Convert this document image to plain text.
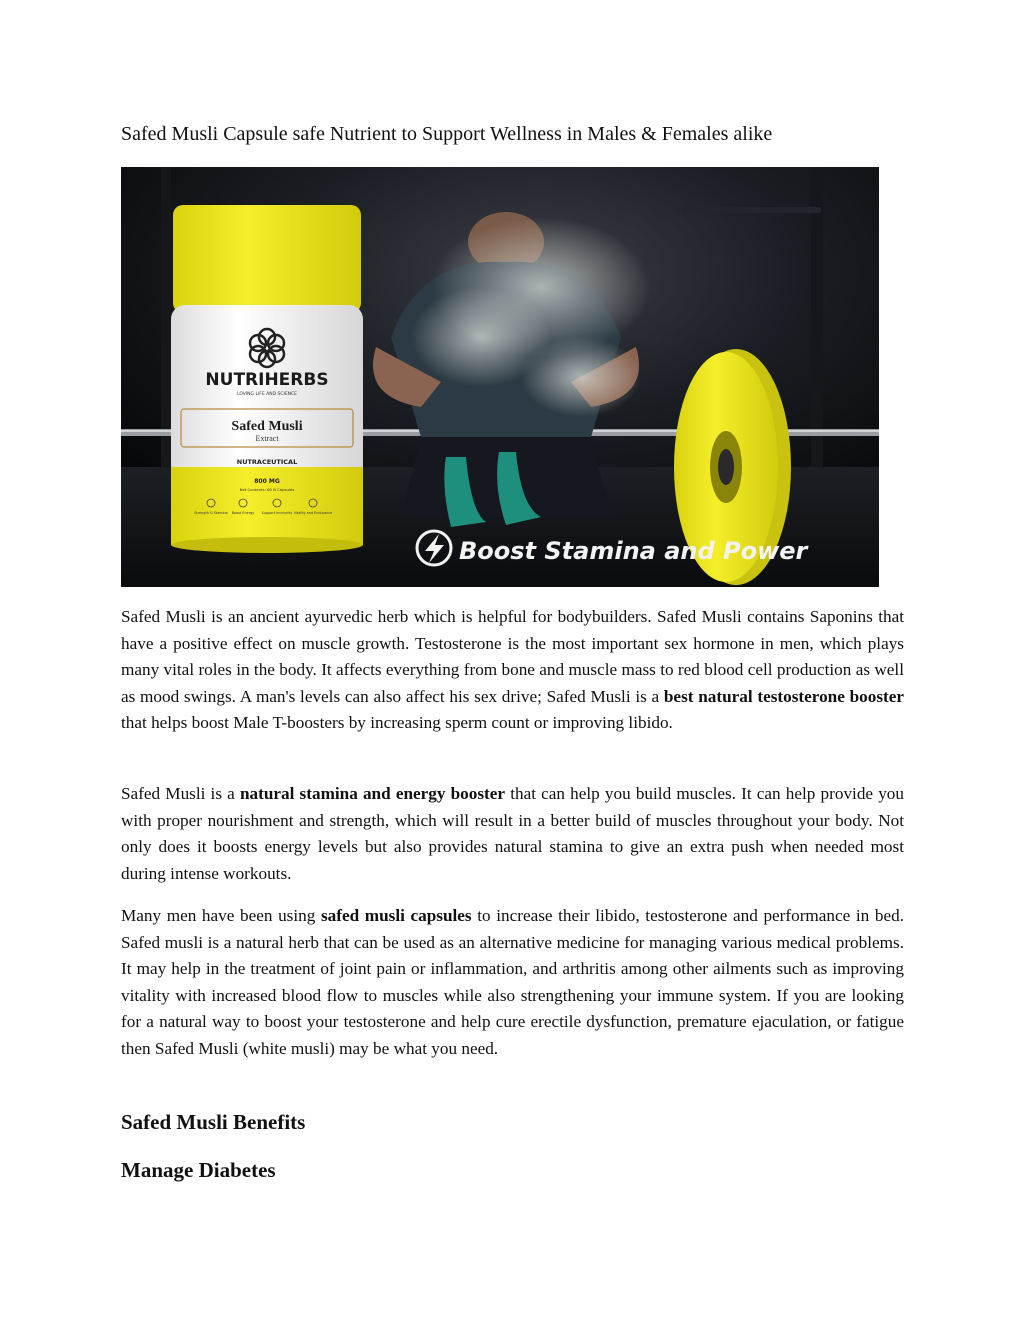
Safed Musli Capsule safe Nutrient to Support Wellness in Males & Females alike
NUTRIHERBS
LOVING LIFE AND SCIENCE
Safed Musli
Extract
NUTRACEUTICAL
800 MG
Net Contents: 60 N Capsules
Strength & Stamina Boost Energy Support Immunity Vitality and Endurance
Boost Stamina and Power

Safed Musli is an ancient ayurvedic herb which is helpful for bodybuilders. Safed Musli contains Saponins that have a positive effect on muscle growth. Testosterone is the most important sex hormone in men, which plays many vital roles in the body. It affects everything from bone and muscle mass to red blood cell production as well as mood swings. A man's levels can also affect his sex drive; Safed Musli is a best natural testosterone booster that helps boost Male T-boosters by increasing sperm count or improving libido.

Safed Musli is a natural stamina and energy booster that can help you build muscles. It can help provide you with proper nourishment and strength, which will result in a better build of muscles throughout your body. Not only does it boosts energy levels but also provides natural stamina to give an extra push when needed most during intense workouts.

Many men have been using safed musli capsules to increase their libido, testosterone and performance in bed. Safed musli is a natural herb that can be used as an alternative medicine for managing various medical problems. It may help in the treatment of joint pain or inflammation, and arthritis among other ailments such as improving vitality with increased blood flow to muscles while also strengthening your immune system. If you are looking for a natural way to boost your testosterone and help cure erectile dysfunction, premature ejaculation, or fatigue then Safed Musli (white musli) may be what you need.

Safed Musli Benefits
Manage Diabetes
